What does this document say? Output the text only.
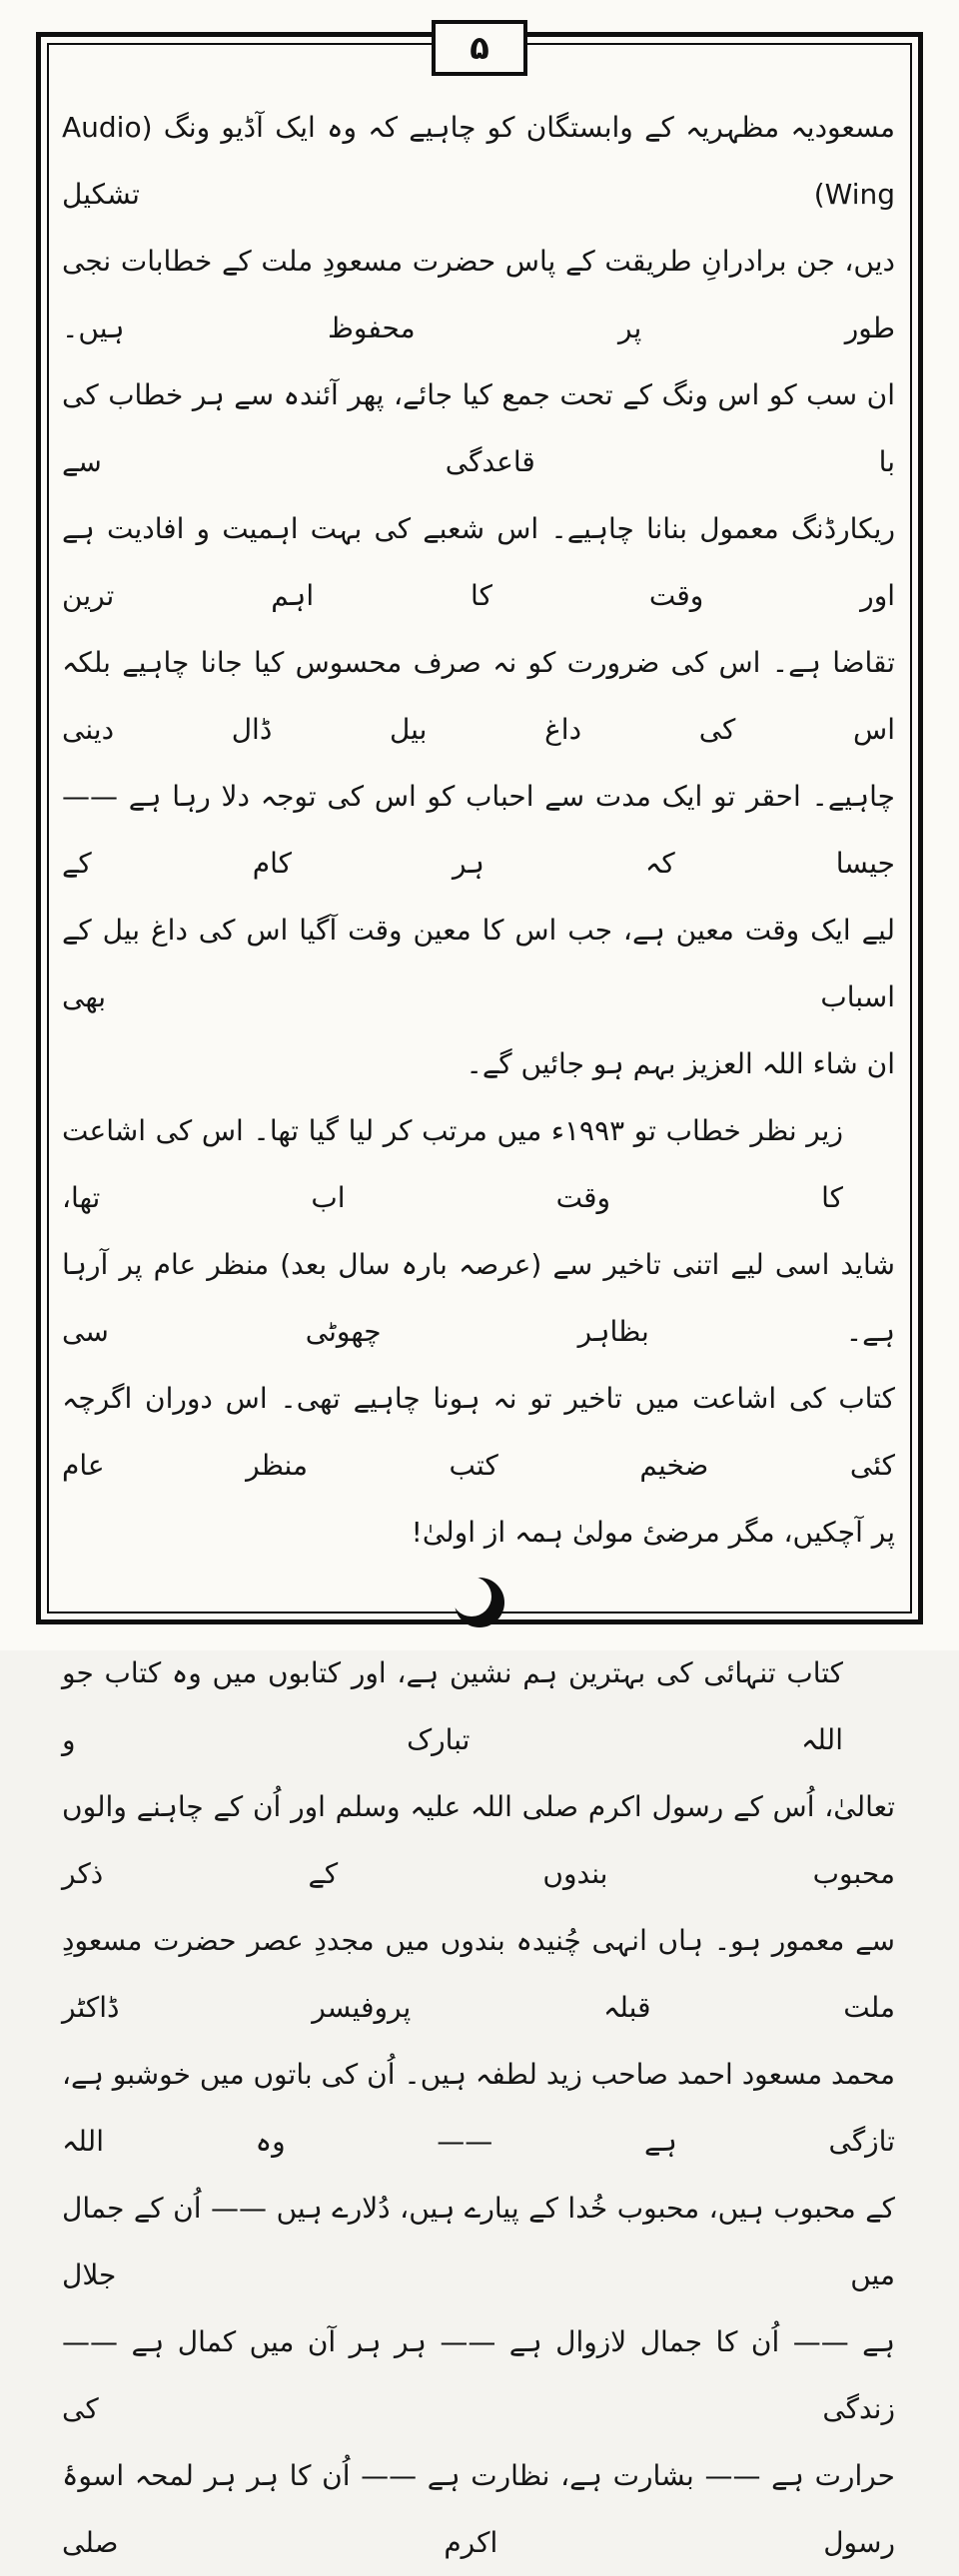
۵
مسعودیہ مظہریہ کے وابستگان کو چاہیے کہ وہ ایک آڈیو ونگ (Audio Wing) تشکیل
دیں، جن برادرانِ طریقت کے پاس حضرت مسعودِ ملت کے خطابات نجی طور پر محفوظ ہیں۔
ان سب کو اس ونگ کے تحت جمع کیا جائے، پھر آئندہ سے ہر خطاب کی با قاعدگی سے
ریکارڈنگ معمول بنانا چاہیے۔ اس شعبے کی بہت اہمیت و افادیت ہے اور وقت کا اہم ترین
تقاضا ہے۔ اس کی ضرورت کو نہ صرف محسوس کیا جانا چاہیے بلکہ اس کی داغ بیل ڈال دینی
چاہیے۔ احقر تو ایک مدت سے احباب کو اس کی توجہ دلا رہا ہے —— جیسا کہ ہر کام کے
لیے ایک وقت معین ہے، جب اس کا معین وقت آگیا اس کی داغ بیل کے اسباب بھی
ان شاء اللہ العزیز بہم ہو جائیں گے۔
زیر نظر خطاب تو ۱۹۹۳ء میں مرتب کر لیا گیا تھا۔ اس کی اشاعت کا وقت اب تھا،
شاید اسی لیے اتنی تاخیر سے (عرصہ بارہ سال بعد) منظر عام پر آرہا ہے۔ بظاہر چھوٹی سی
کتاب کی اشاعت میں تاخیر تو نہ ہونا چاہیے تھی۔ اس دوران اگرچہ کئی ضخیم کتب منظر عام
پر آچکیں، مگر مرضیٔ مولیٰ ہمہ از اولیٰ!
کتاب تنہائی کی بہترین ہم نشین ہے، اور کتابوں میں وہ کتاب جو اللہ تبارک و
تعالیٰ، اُس کے رسول اکرم صلی اللہ علیہ وسلم اور اُن کے چاہنے والوں محبوب بندوں کے ذکر
سے معمور ہو۔ ہاں انہی چُنیدہ بندوں میں مجددِ عصر حضرت مسعودِ ملت قبلہ پروفیسر ڈاکٹر
محمد مسعود احمد صاحب زید لطفہ ہیں۔ اُن کی باتوں میں خوشبو ہے، تازگی ہے —— وہ اللہ
کے محبوب ہیں، محبوب خُدا کے پیارے ہیں، دُلارے ہیں —— اُن کے جمال میں جلال
ہے —— اُن کا جمال لازوال ہے —— ہر ہر آن میں کمال ہے —— زندگی کی
حرارت ہے —— بشارت ہے، نظارت ہے —— اُن کا ہر ہر لمحہ اسوۂ رسول اکرم صلی
